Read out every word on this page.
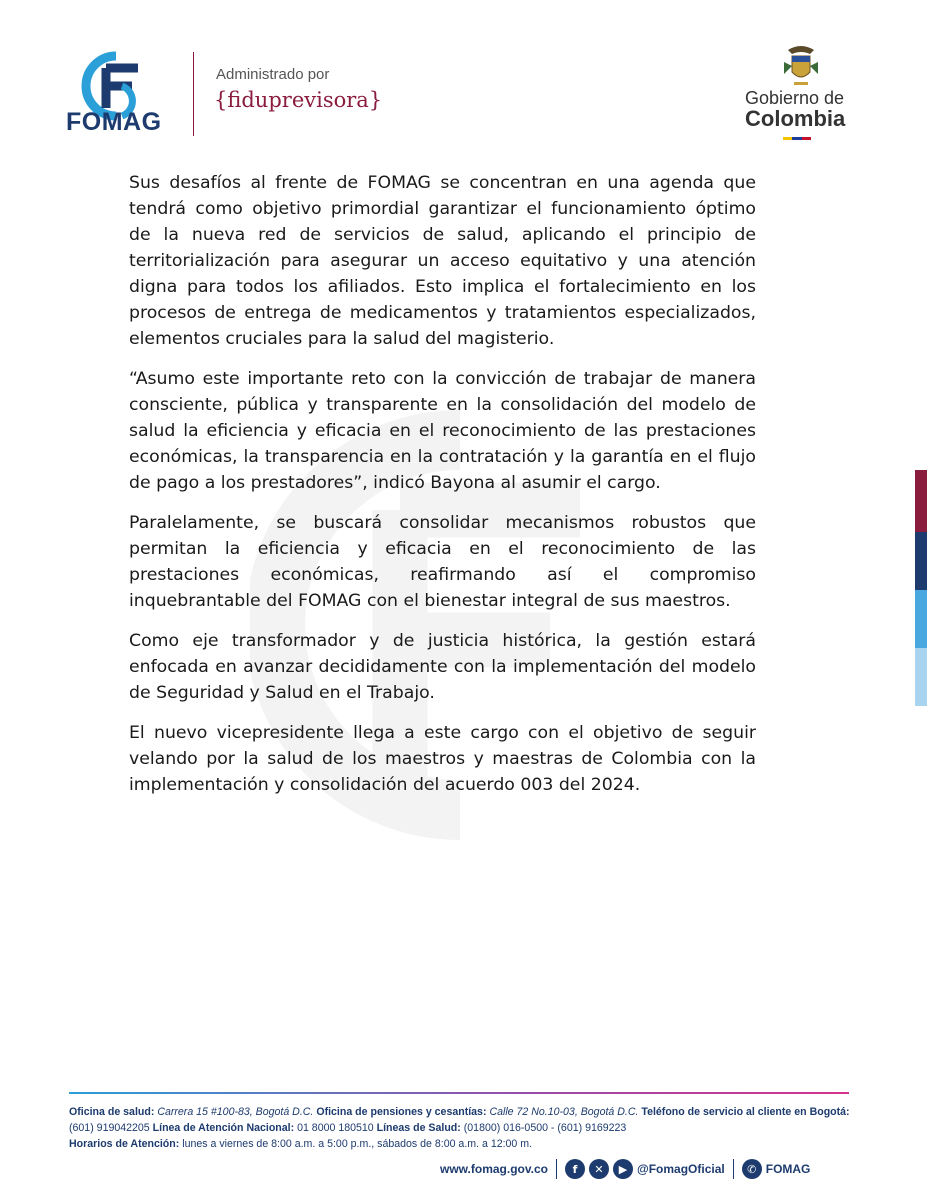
FOMAG
Administrado por
{fiduprevisora}	Gobierno de
Colombia

Sus desafíos al frente de FOMAG se concentran en una agenda que tendrá como objetivo primordial garantizar el funcionamiento óptimo de la nueva red de servicios de salud, aplicando el principio de territorialización para asegurar un acceso equitativo y una atención digna para todos los afiliados. Esto implica el fortalecimiento en los procesos de entrega de medicamentos y tratamientos especializados, elementos cruciales para la salud del magisterio.

“Asumo este importante reto con la convicción de trabajar de manera consciente, pública y transparente en la consolidación del modelo de salud la eficiencia y eficacia en el reconocimiento de las prestaciones económicas, la transparencia en la contratación y la garantía en el flujo de pago a los prestadores”, indicó Bayona al asumir el cargo.

Paralelamente, se buscará consolidar mecanismos robustos que permitan la eficiencia y eficacia en el reconocimiento de las prestaciones económicas, reafirmando así el compromiso inquebrantable del FOMAG con el bienestar integral de sus maestros.

Como eje transformador y de justicia histórica, la gestión estará enfocada en avanzar decididamente con la implementación del modelo de Seguridad y Salud en el Trabajo.

El nuevo vicepresidente llega a este cargo con el objetivo de seguir velando por la salud de los maestros y maestras de Colombia con la implementación y consolidación del acuerdo 003 del 2024.

Oficina de salud: Carrera 15 #100-83, Bogotá D.C. Oficina de pensiones y cesantías: Calle 72 No.10-03, Bogotá D.C. Teléfono de servicio al cliente en Bogotá: (601) 919042205 Línea de Atención Nacional: 01 8000 180510 Líneas de Salud: (01800) 016-0500 - (601) 9169223
Horarios de Atención: lunes a viernes de 8:00 a.m. a 5:00 p.m., sábados de 8:00 a.m. a 12:00 m.
www.fomag.gov.co	f	✕	▶ @FomagOficial	✆ FOMAG
